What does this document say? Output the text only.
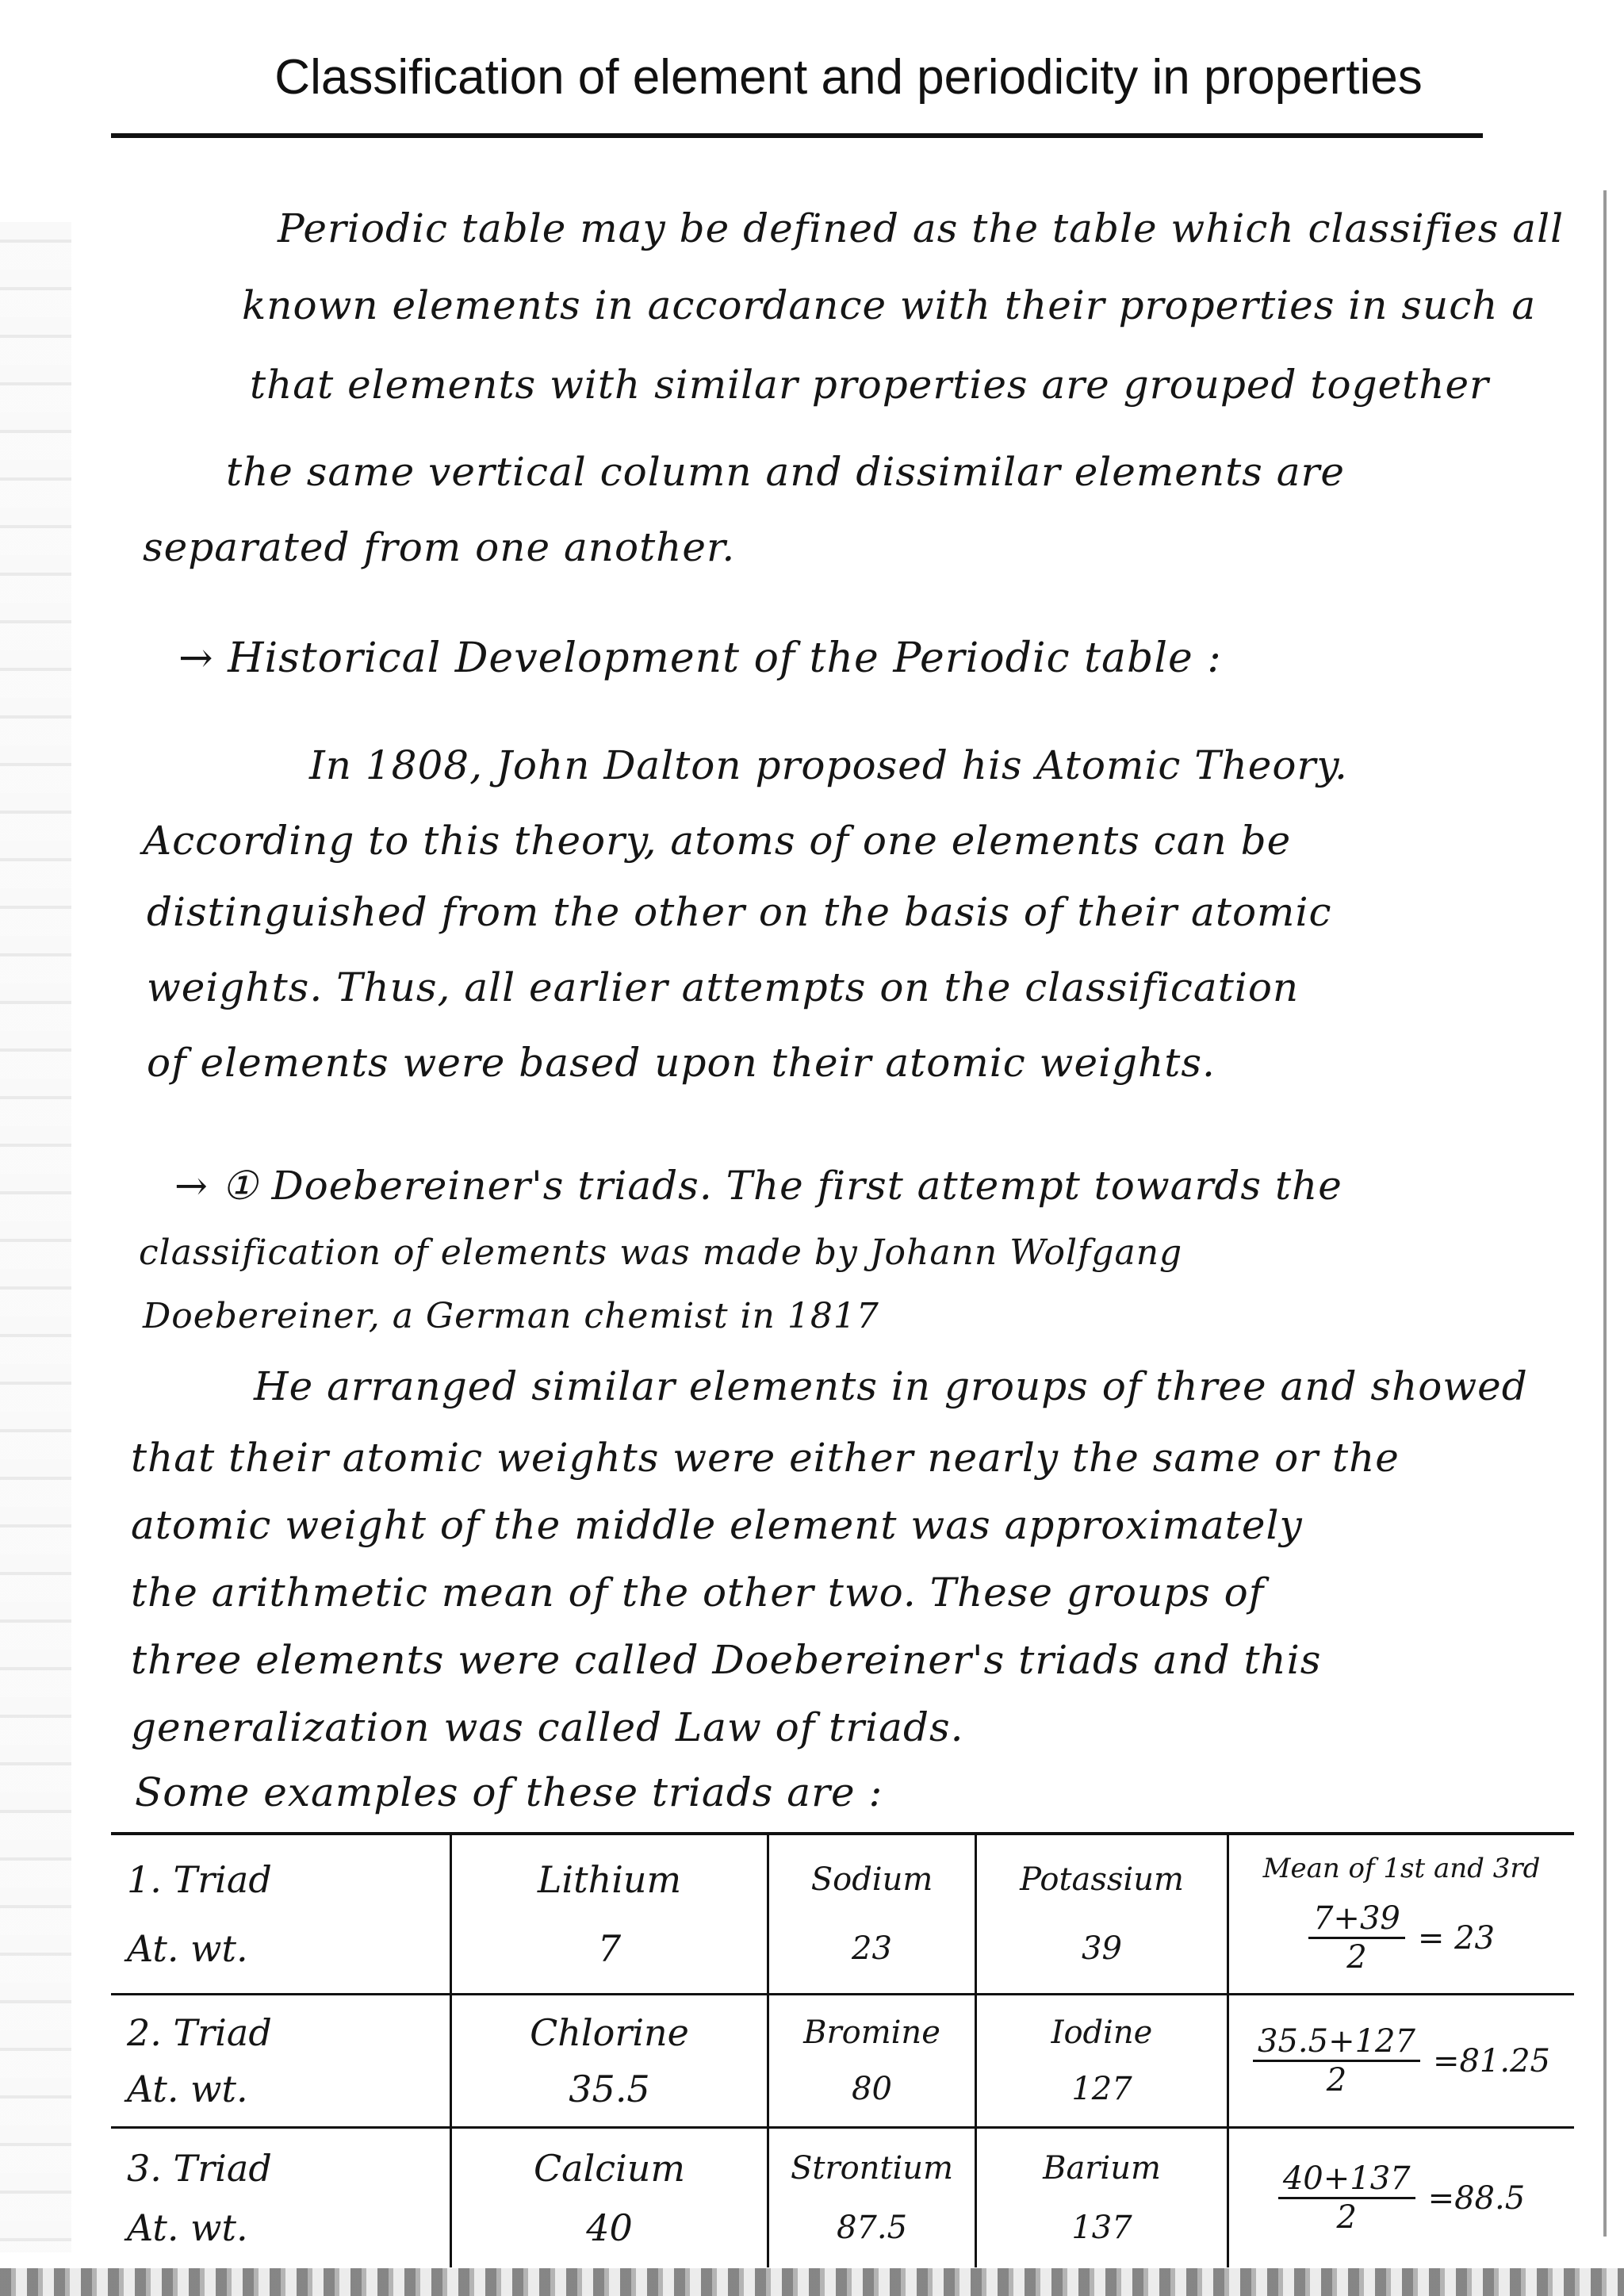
Classification of element and periodicity in properties
Periodic table may be defined as the table which classifies all
known elements in accordance with their properties in such a
that elements with similar properties are grouped together
the same vertical column and dissimilar elements are
separated from one another.
→ Historical Development of the Periodic table :
In 1808, John Dalton proposed his Atomic Theory.
According to this theory, atoms of one elements can be
distinguished from the other on the basis of their atomic
weights. Thus, all earlier attempts on the classification
of elements were based upon their atomic weights.
→ ① Doebereiner's triads. The first attempt towards the
classification of elements was made by Johann Wolfgang
Doebereiner, a German chemist in 1817
He arranged similar elements in groups of three and showed
that their atomic weights were either nearly the same or the
atomic weight of the middle element was approximately
the arithmetic mean of the other two. These groups of
three elements were called Doebereiner's triads and this
generalization was called Law of triads.
Some examples of these triads are :
1. Triad
At. wt.
Lithium
7
Sodium
23
Potassium
39
Mean of 1st and 3rd
$\frac{7+39}{2} = 23$
2. Triad
At. wt.
Chlorine
35.5
Bromine
80
Iodine
127	$\frac{35.5+127}{2} =81.25$
3. Triad
At. wt.
Calcium
40
Strontium
87.5
Barium
137	$\frac{40+137}{2} =88.5$
